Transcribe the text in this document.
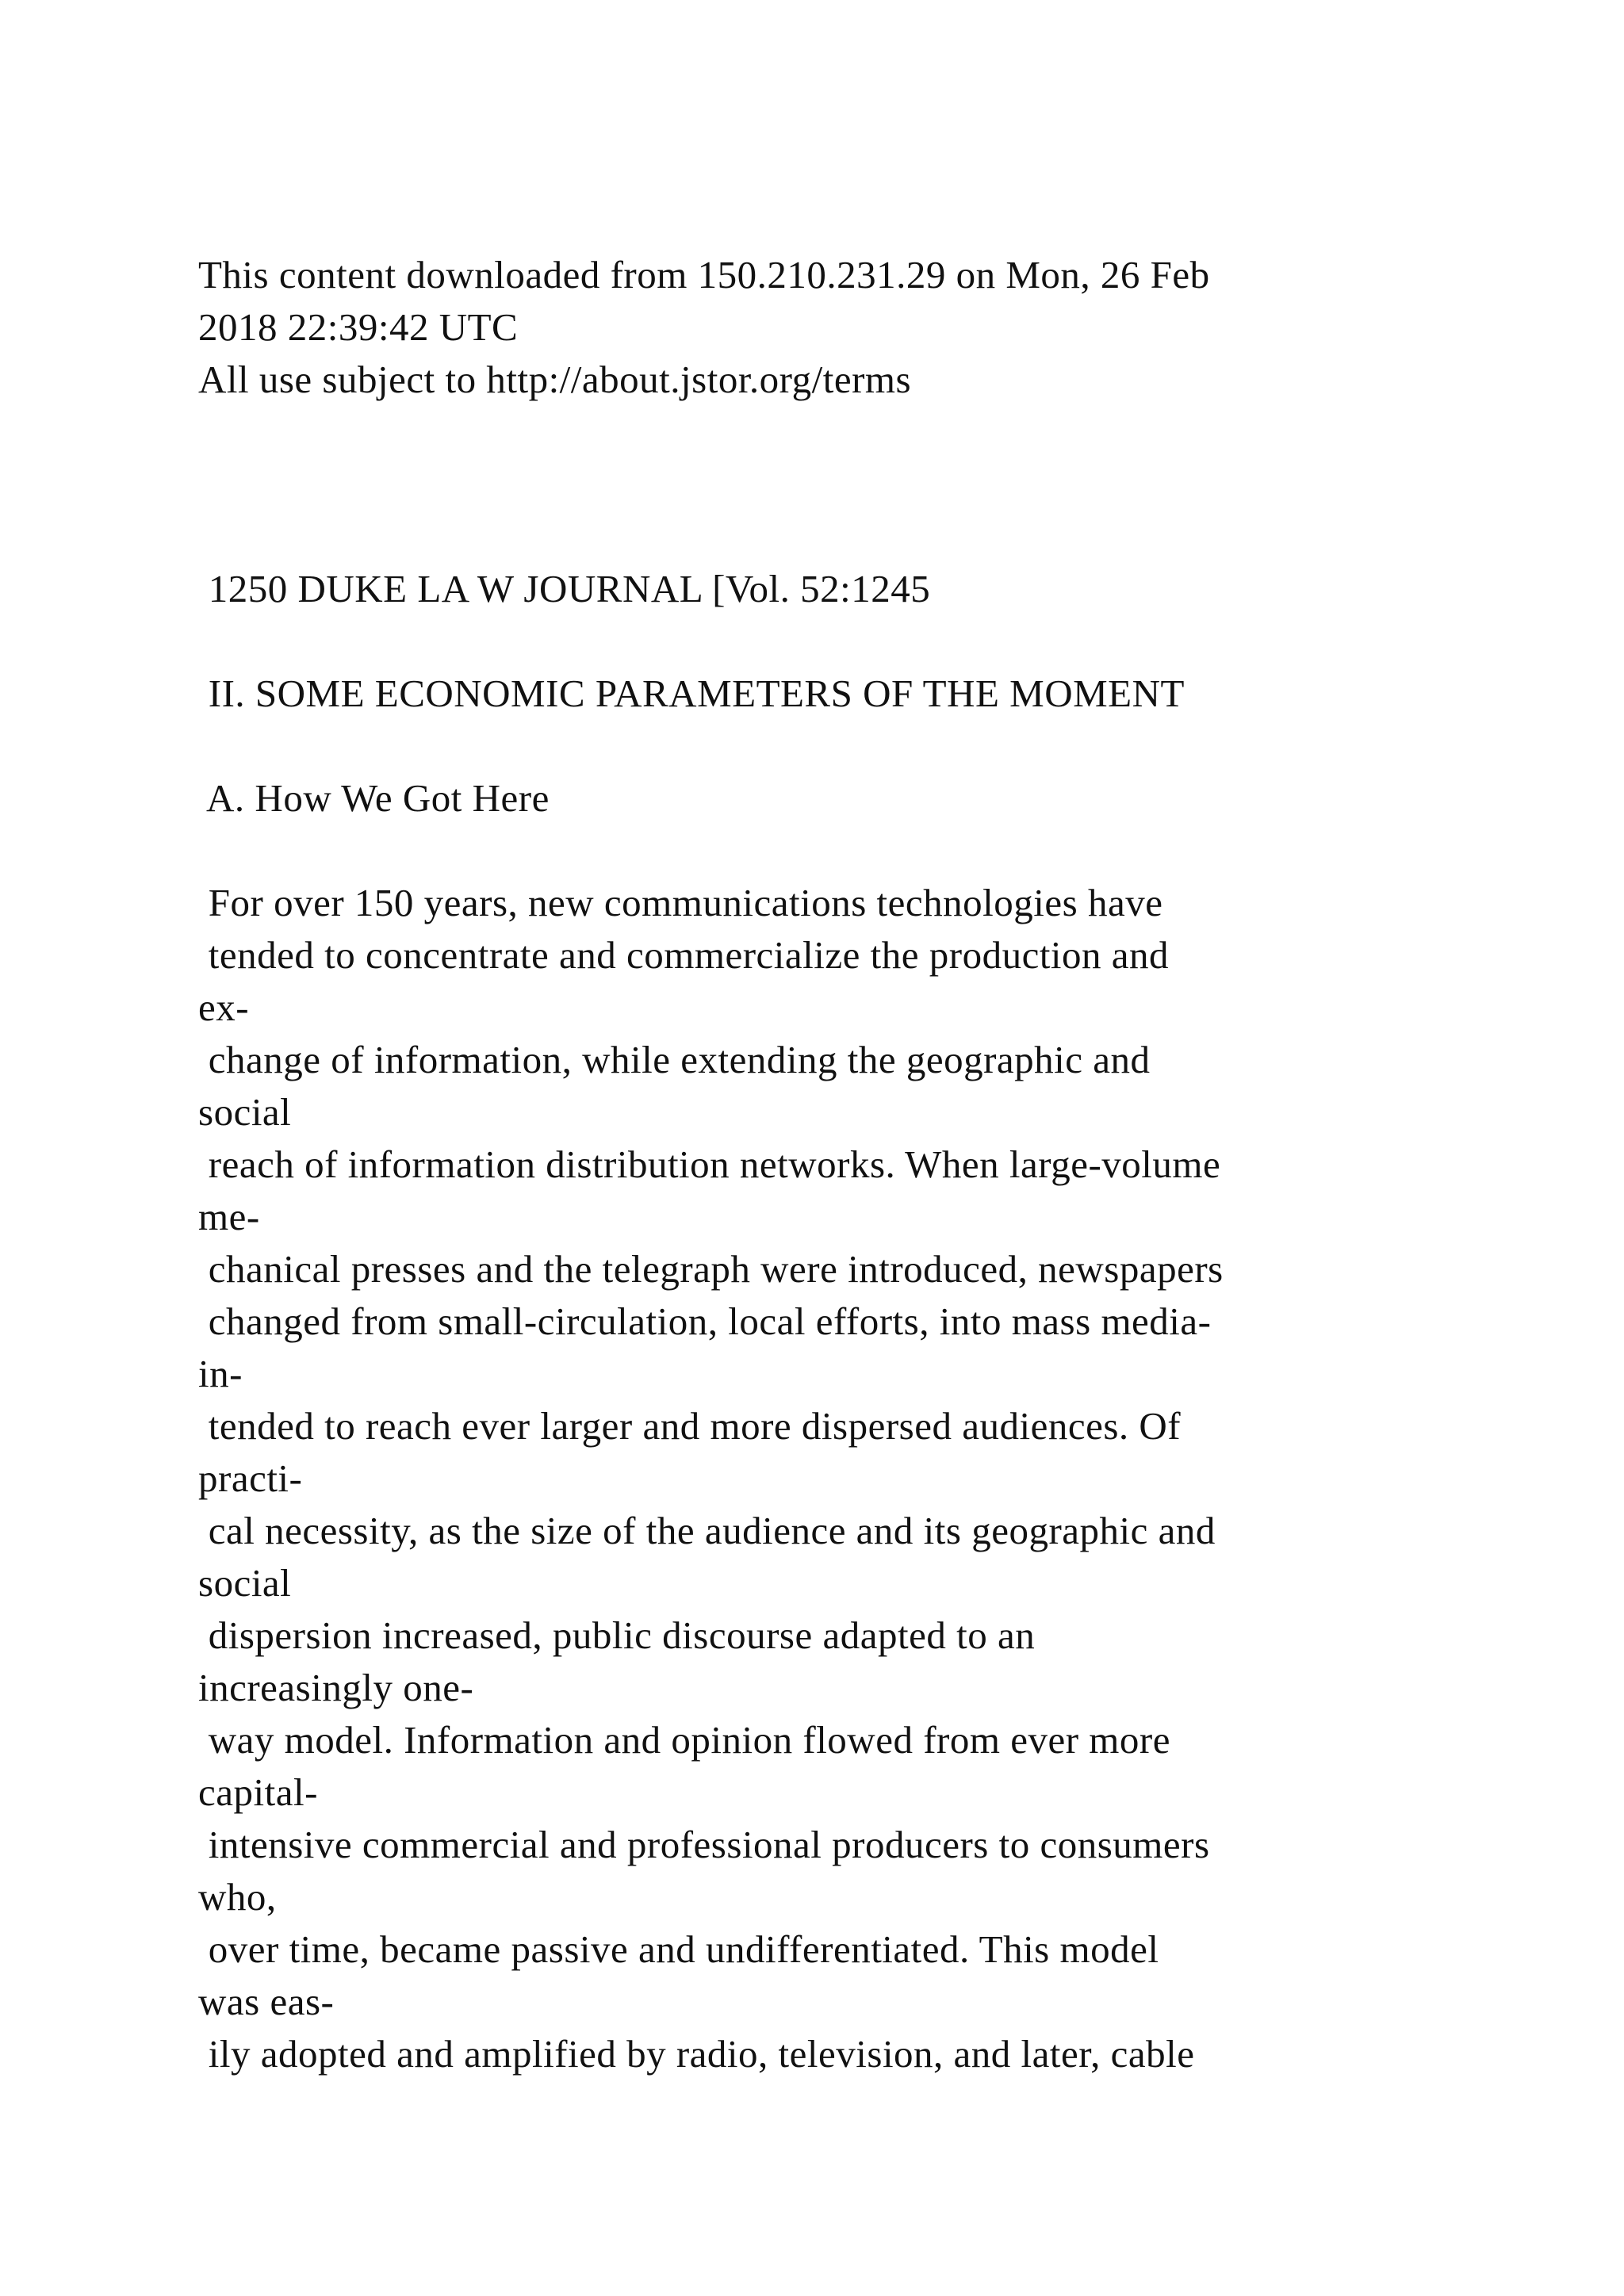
This content downloaded from 150.210.231.29 on Mon, 26 Feb

2018 22:39:42 UTC

All use subject to http://about.jstor.org/terms

1250 DUKE LA W JOURNAL [Vol. 52:1245

II. SOME ECONOMIC PARAMETERS OF THE MOMENT

A. How We Got Here

For over 150 years, new communications technologies have

tended to concentrate and commercialize the production and

ex-

change of information, while extending the geographic and

social

reach of information distribution networks. When large-volume

me-

chanical presses and the telegraph were introduced, newspapers

changed from small-circulation, local efforts, into mass media-

in-

tended to reach ever larger and more dispersed audiences. Of

practi-

cal necessity, as the size of the audience and its geographic and

social

dispersion increased, public discourse adapted to an

increasingly one-

way model. Information and opinion flowed from ever more

capital-

intensive commercial and professional producers to consumers

who,

over time, became passive and undifferentiated. This model

was eas-

ily adopted and amplified by radio, television, and later, cable
